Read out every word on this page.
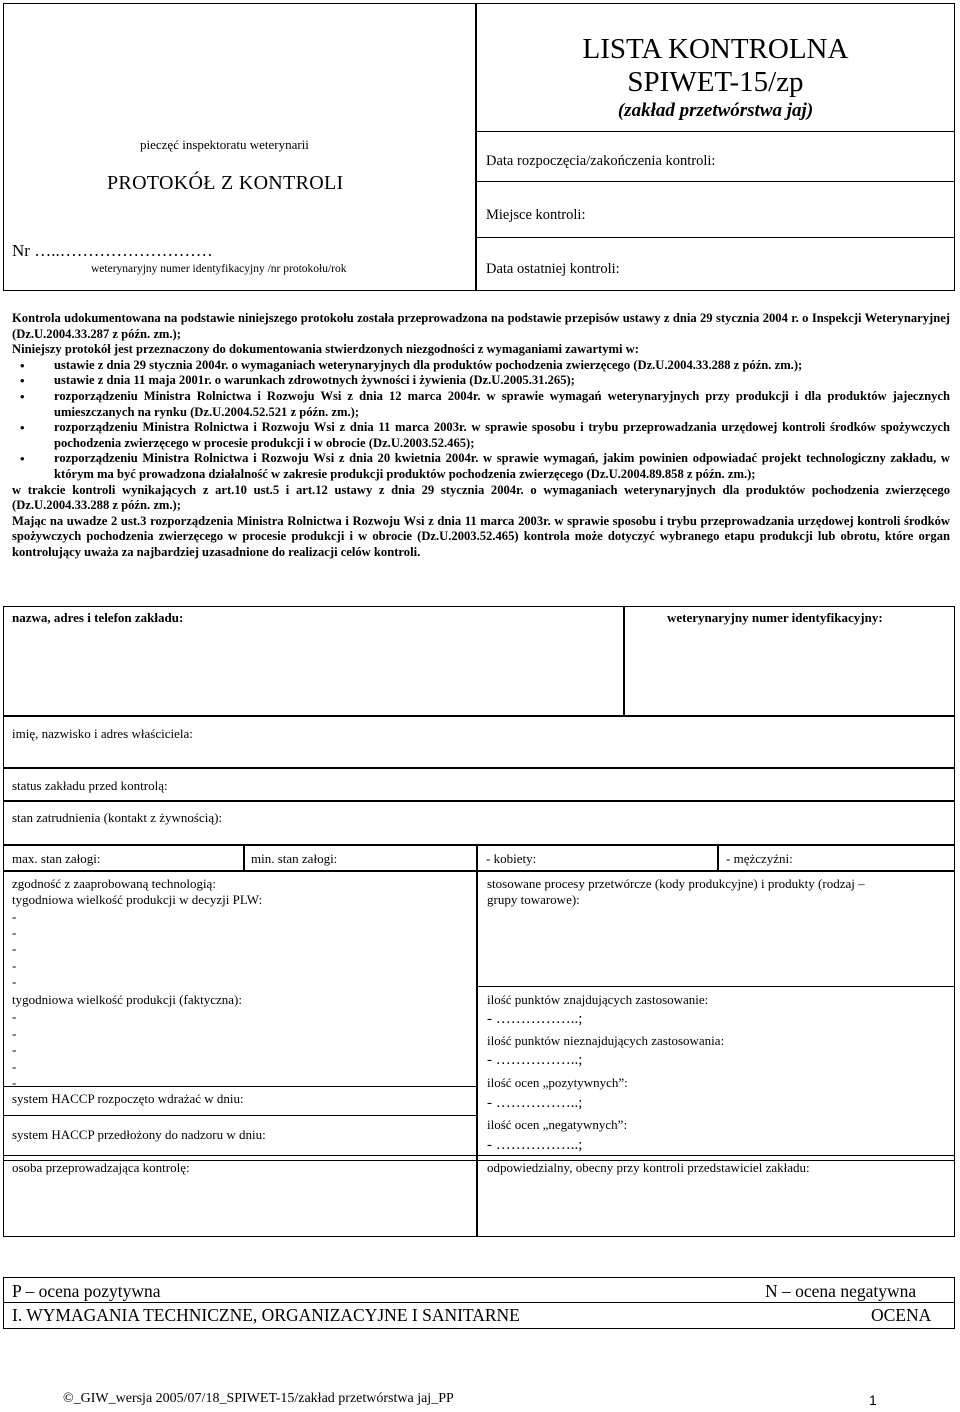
pieczęć inspektoratu weterynarii
PROTOKÓŁ Z KONTROLI
Nr …..………………………
weterynaryjny numer identyfikacyjny /nr protokołu/rok
LISTA KONTROLNA
SPIWET-15/zp
(zakład przetwórstwa jaj)
Data rozpoczęcia/zakończenia kontroli:
Miejsce kontroli:
Data ostatniej kontroli:

Kontrola udokumentowana na podstawie niniejszego protokołu została przeprowadzona na podstawie przepisów ustawy z dnia 29 stycznia 2004 r. o Inspekcji Weterynaryjnej (Dz.U.2004.33.287 z późn. zm.);

Niniejszy protokół jest przeznaczony do dokumentowania stwierdzonych niezgodności z wymaganiami zawartymi w:

• ustawie z dnia 29 stycznia 2004r. o wymaganiach weterynaryjnych dla produktów pochodzenia zwierzęcego (Dz.U.2004.33.288 z późn. zm.);

• ustawie z dnia 11 maja 2001r. o warunkach zdrowotnych żywności i żywienia (Dz.U.2005.31.265);

• rozporządzeniu Ministra Rolnictwa i Rozwoju Wsi z dnia 12 marca 2004r. w sprawie wymagań weterynaryjnych przy produkcji i dla produktów jajecznych umieszczanych na rynku (Dz.U.2004.52.521 z późn. zm.);

• rozporządzeniu Ministra Rolnictwa i Rozwoju Wsi z dnia 11 marca 2003r. w sprawie sposobu i trybu przeprowadzania urzędowej kontroli środków spożywczych pochodzenia zwierzęcego w procesie produkcji i w obrocie (Dz.U.2003.52.465);

• rozporządzeniu Ministra Rolnictwa i Rozwoju Wsi z dnia 20 kwietnia 2004r. w sprawie wymagań, jakim powinien odpowiadać projekt technologiczny zakładu, w którym ma być prowadzona działalność w zakresie produkcji produktów pochodzenia zwierzęcego (Dz.U.2004.89.858 z późn. zm.);

w trakcie kontroli wynikających z art.10 ust.5 i art.12 ustawy z dnia 29 stycznia 2004r. o wymaganiach weterynaryjnych dla produktów pochodzenia zwierzęcego (Dz.U.2004.33.288 z późn. zm.);

Mając na uwadze 2 ust.3 rozporządzenia Ministra Rolnictwa i Rozwoju Wsi z dnia 11 marca 2003r. w sprawie sposobu i trybu przeprowadzania urzędowej kontroli środków spożywczych pochodzenia zwierzęcego w procesie produkcji i w obrocie (Dz.U.2003.52.465) kontrola może dotyczyć wybranego etapu produkcji lub obrotu, które organ kontrolujący uważa za najbardziej uzasadnione do realizacji celów kontroli.

nazwa, adres i telefon zakładu:	weterynaryjny numer identyfikacyjny:
imię, nazwisko i adres właściciela:
status zakładu przed kontrolą:
stan zatrudnienia (kontakt z żywnością):
max. stan załogi:	min. stan załogi:	- kobiety:	- mężczyźni:
zgodność z zaaprobowaną technologią:
tygodniowa wielkość produkcji w decyzji PLW:
-
-
-
-
-
tygodniowa wielkość produkcji (faktyczna):
-
-
-
-
-
system HACCP rozpoczęto wdrażać w dniu:
system HACCP przedłożony do nadzoru w dniu:
stosowane procesy przetwórcze (kody produkcyjne) i produkty (rodzaj –
grupy towarowe):
ilość punktów znajdujących zastosowanie:
- ……………..;
ilość punktów nieznajdujących zastosowania:
- ……………..;
ilość ocen „pozytywnych”:
- ……………..;
ilość ocen „negatywnych”:
- ……………..;
osoba przeprowadzająca kontrolę:	odpowiedzialny, obecny przy kontroli przedstawiciel zakładu:
P – ocena pozytywna	N – ocena negatywna
I. WYMAGANIA TECHNICZNE, ORGANIZACYJNE I SANITARNE	OCENA
©_GIW_wersja 2005/07/18_SPIWET-15/zakład przetwórstwa jaj_PP	1
